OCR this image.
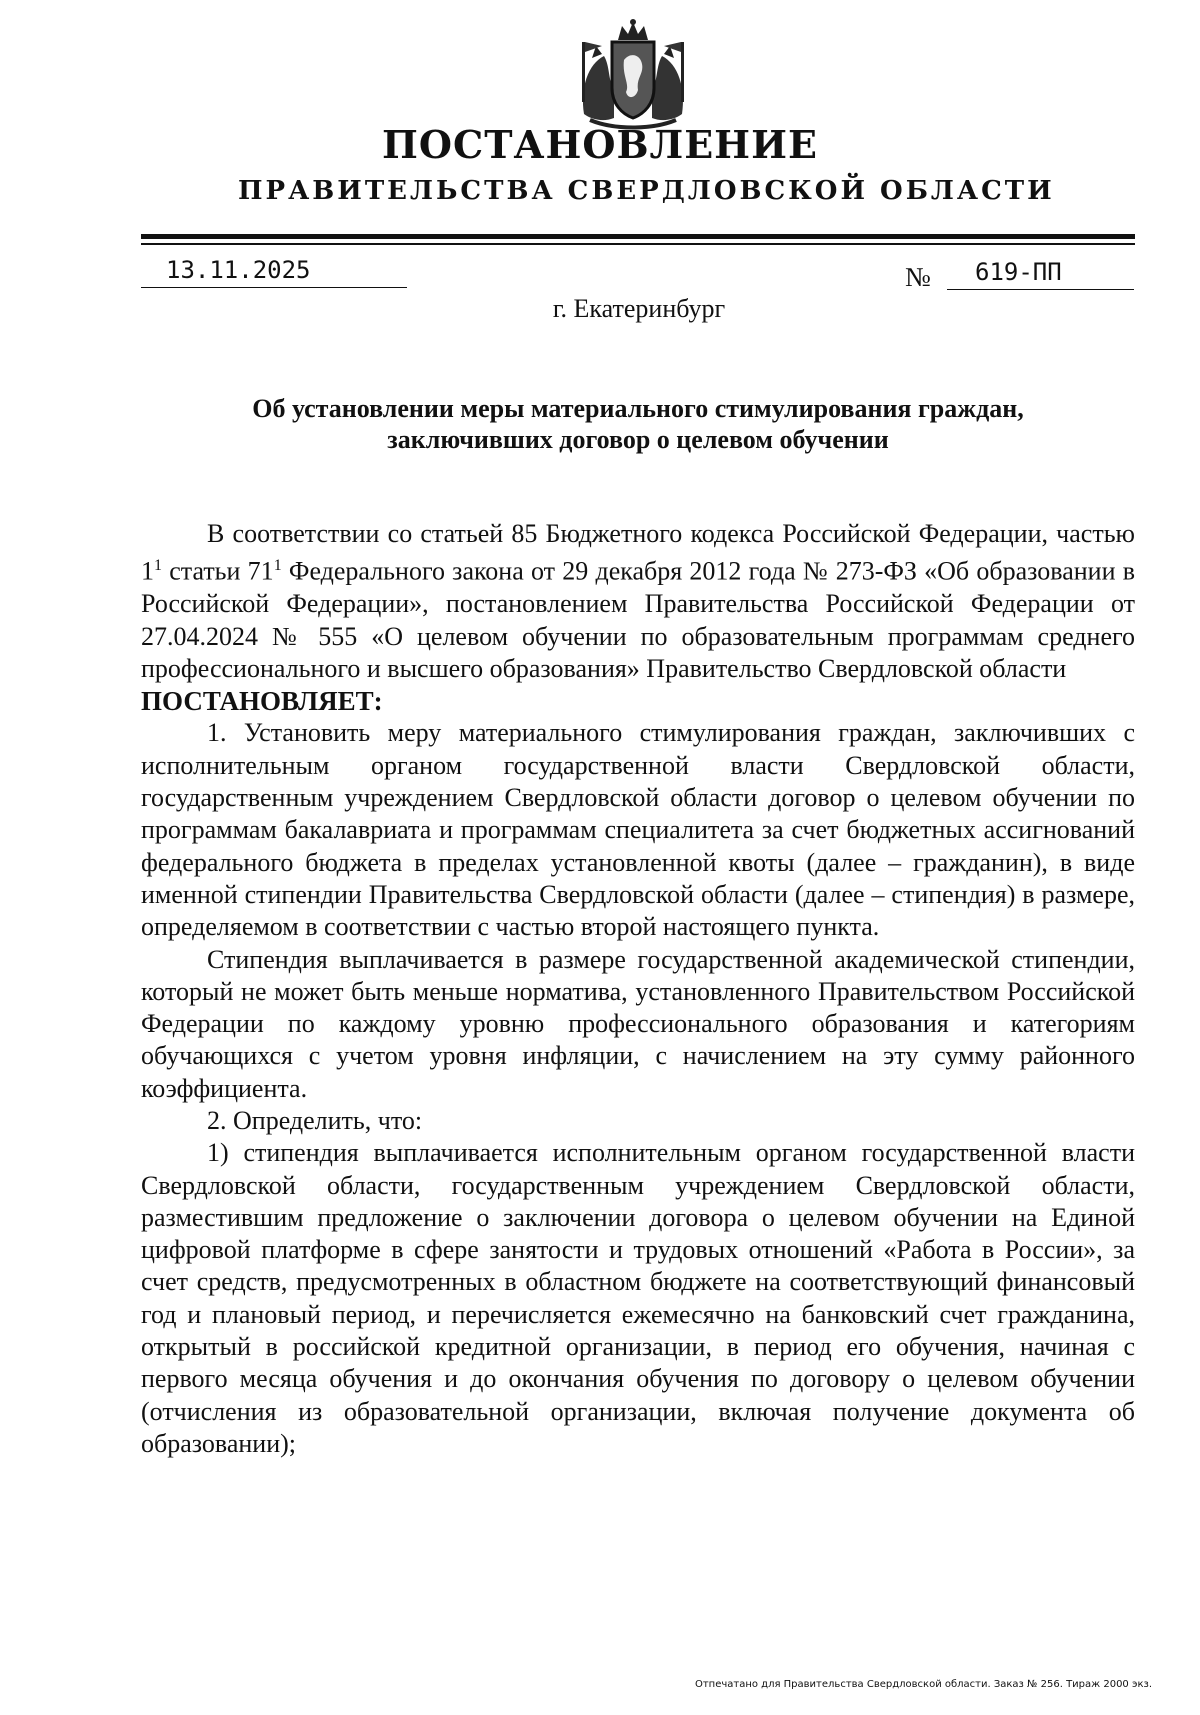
ПОСТАНОВЛЕНИЕ
ПРАВИТЕЛЬСТВА СВЕРДЛОВСКОЙ ОБЛАСТИ
13.11.2025	№ 619-ПП
г. Екатеринбург
Об установлении меры материального стимулирования граждан,
заключивших договор о целевом обучении

В соответствии со статьей 85 Бюджетного кодекса Российской Федерации, частью $1^1$ статьи $71^1$ Федерального закона от 29 декабря 2012 года № 273-ФЗ «Об образовании в Российской Федерации», постановлением Правительства Российской Федерации от 27.04.2024 № 555 «О целевом обучении по образовательным программам среднего профессионального и высшего образования» Правительство Свердловской области

ПОСТАНОВЛЯЕТ:

1. Установить меру материального стимулирования граждан, заключивших с исполнительным органом государственной власти Свердловской области, государственным учреждением Свердловской области договор о целевом обучении по программам бакалавриата и программам специалитета за счет бюджетных ассигнований федерального бюджета в пределах установленной квоты (далее – гражданин), в виде именной стипендии Правительства Свердловской области (далее – стипендия) в размере, определяемом в соответствии с частью второй настоящего пункта.

Стипендия выплачивается в размере государственной академической стипендии, который не может быть меньше норматива, установленного Правительством Российской Федерации по каждому уровню профессионального образования и категориям обучающихся с учетом уровня инфляции, с начислением на эту сумму районного коэффициента.

2. Определить, что:

1) стипендия выплачивается исполнительным органом государственной власти Свердловской области, государственным учреждением Свердловской области, разместившим предложение о заключении договора о целевом обучении на Единой цифровой платформе в сфере занятости и трудовых отношений «Работа в России», за счет средств, предусмотренных в областном бюджете на соответствующий финансовый год и плановый период, и перечисляется ежемесячно на банковский счет гражданина, открытый в российской кредитной организации, в период его обучения, начиная с первого месяца обучения и до окончания обучения по договору о целевом обучении (отчисления из образовательной организации, включая получение документа об образовании);

Отпечатано для Правительства Свердловской области. Заказ № 256. Тираж 2000 экз.
